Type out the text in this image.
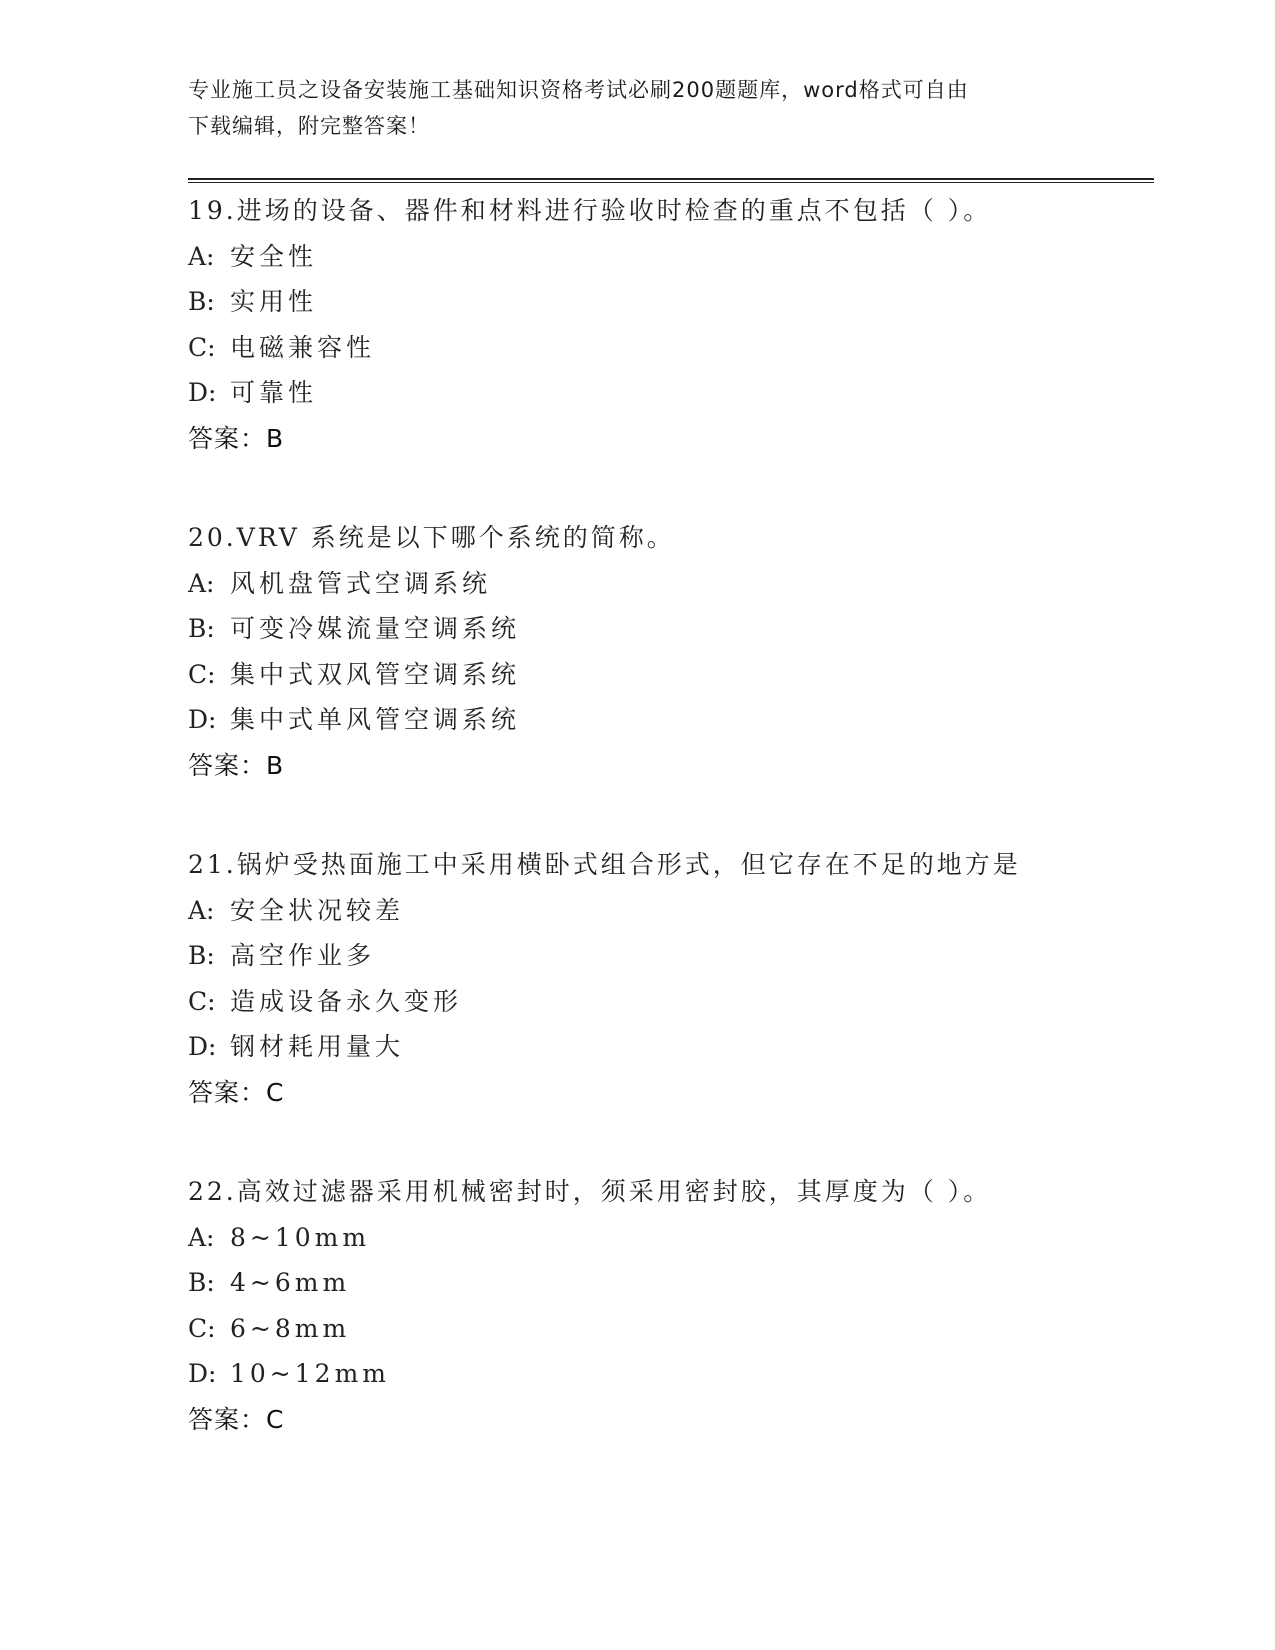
专业施工员之设备安装施工基础知识资格考试必刷200题题库，word格式可自由
下载编辑，附完整答案！
19.进场的设备、器件和材料进行验收时检查的重点不包括（ ）。
A: 安全性
B: 实用性
C: 电磁兼容性
D: 可靠性
答案：B
20.VRV 系统是以下哪个系统的简称。
A: 风机盘管式空调系统
B: 可变冷媒流量空调系统
C: 集中式双风管空调系统
D: 集中式单风管空调系统
答案：B
21.锅炉受热面施工中采用横卧式组合形式，但它存在不足的地方是
A: 安全状况较差
B: 高空作业多
C: 造成设备永久变形
D: 钢材耗用量大
答案：C
22.高效过滤器采用机械密封时，须采用密封胶，其厚度为（ ）。
A: 8~10mm
B: 4~6mm
C: 6~8mm
D: 10~12mm
答案：C
